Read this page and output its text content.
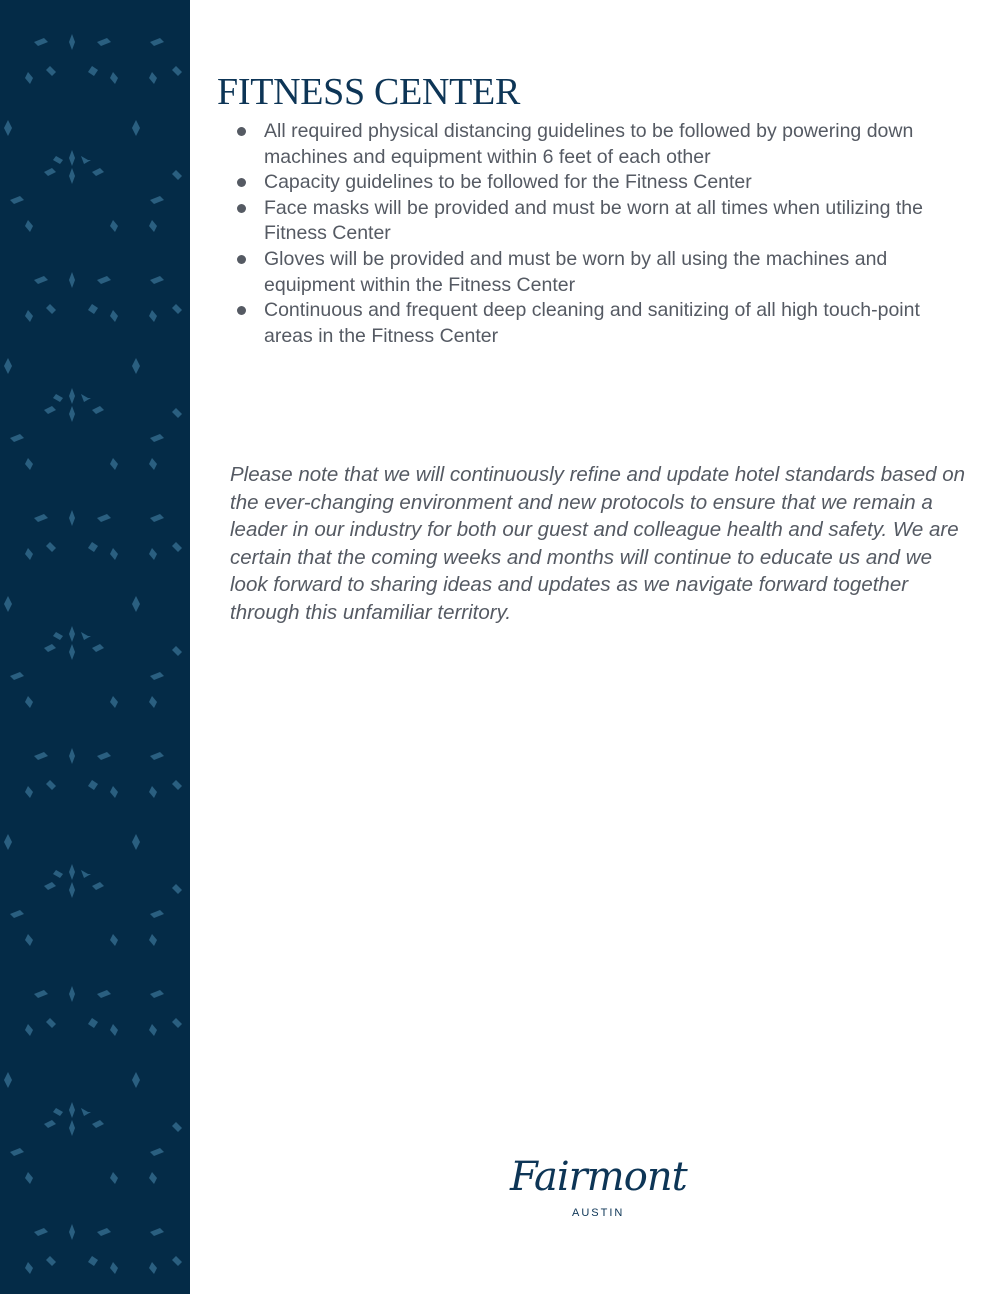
FITNESS CENTER
All required physical distancing guidelines to be followed by powering down machines and equipment within 6 feet of each other
Capacity guidelines to be followed for the Fitness Center
Face masks will be provided and must be worn at all times when utilizing the Fitness Center
Gloves will be provided and must be worn by all using the machines and equipment within the Fitness Center
Continuous and frequent deep cleaning and sanitizing of all high touch-point areas in the Fitness Center

Please note that we will continuously refine and update hotel standards based on the ever-changing environment and new protocols to ensure that we remain a leader in our industry for both our guest and colleague health and safety. We are certain that the coming weeks and months will continue to educate us and we look forward to sharing ideas and updates as we navigate forward together through this unfamiliar territory.

Fairmont
AUSTIN
